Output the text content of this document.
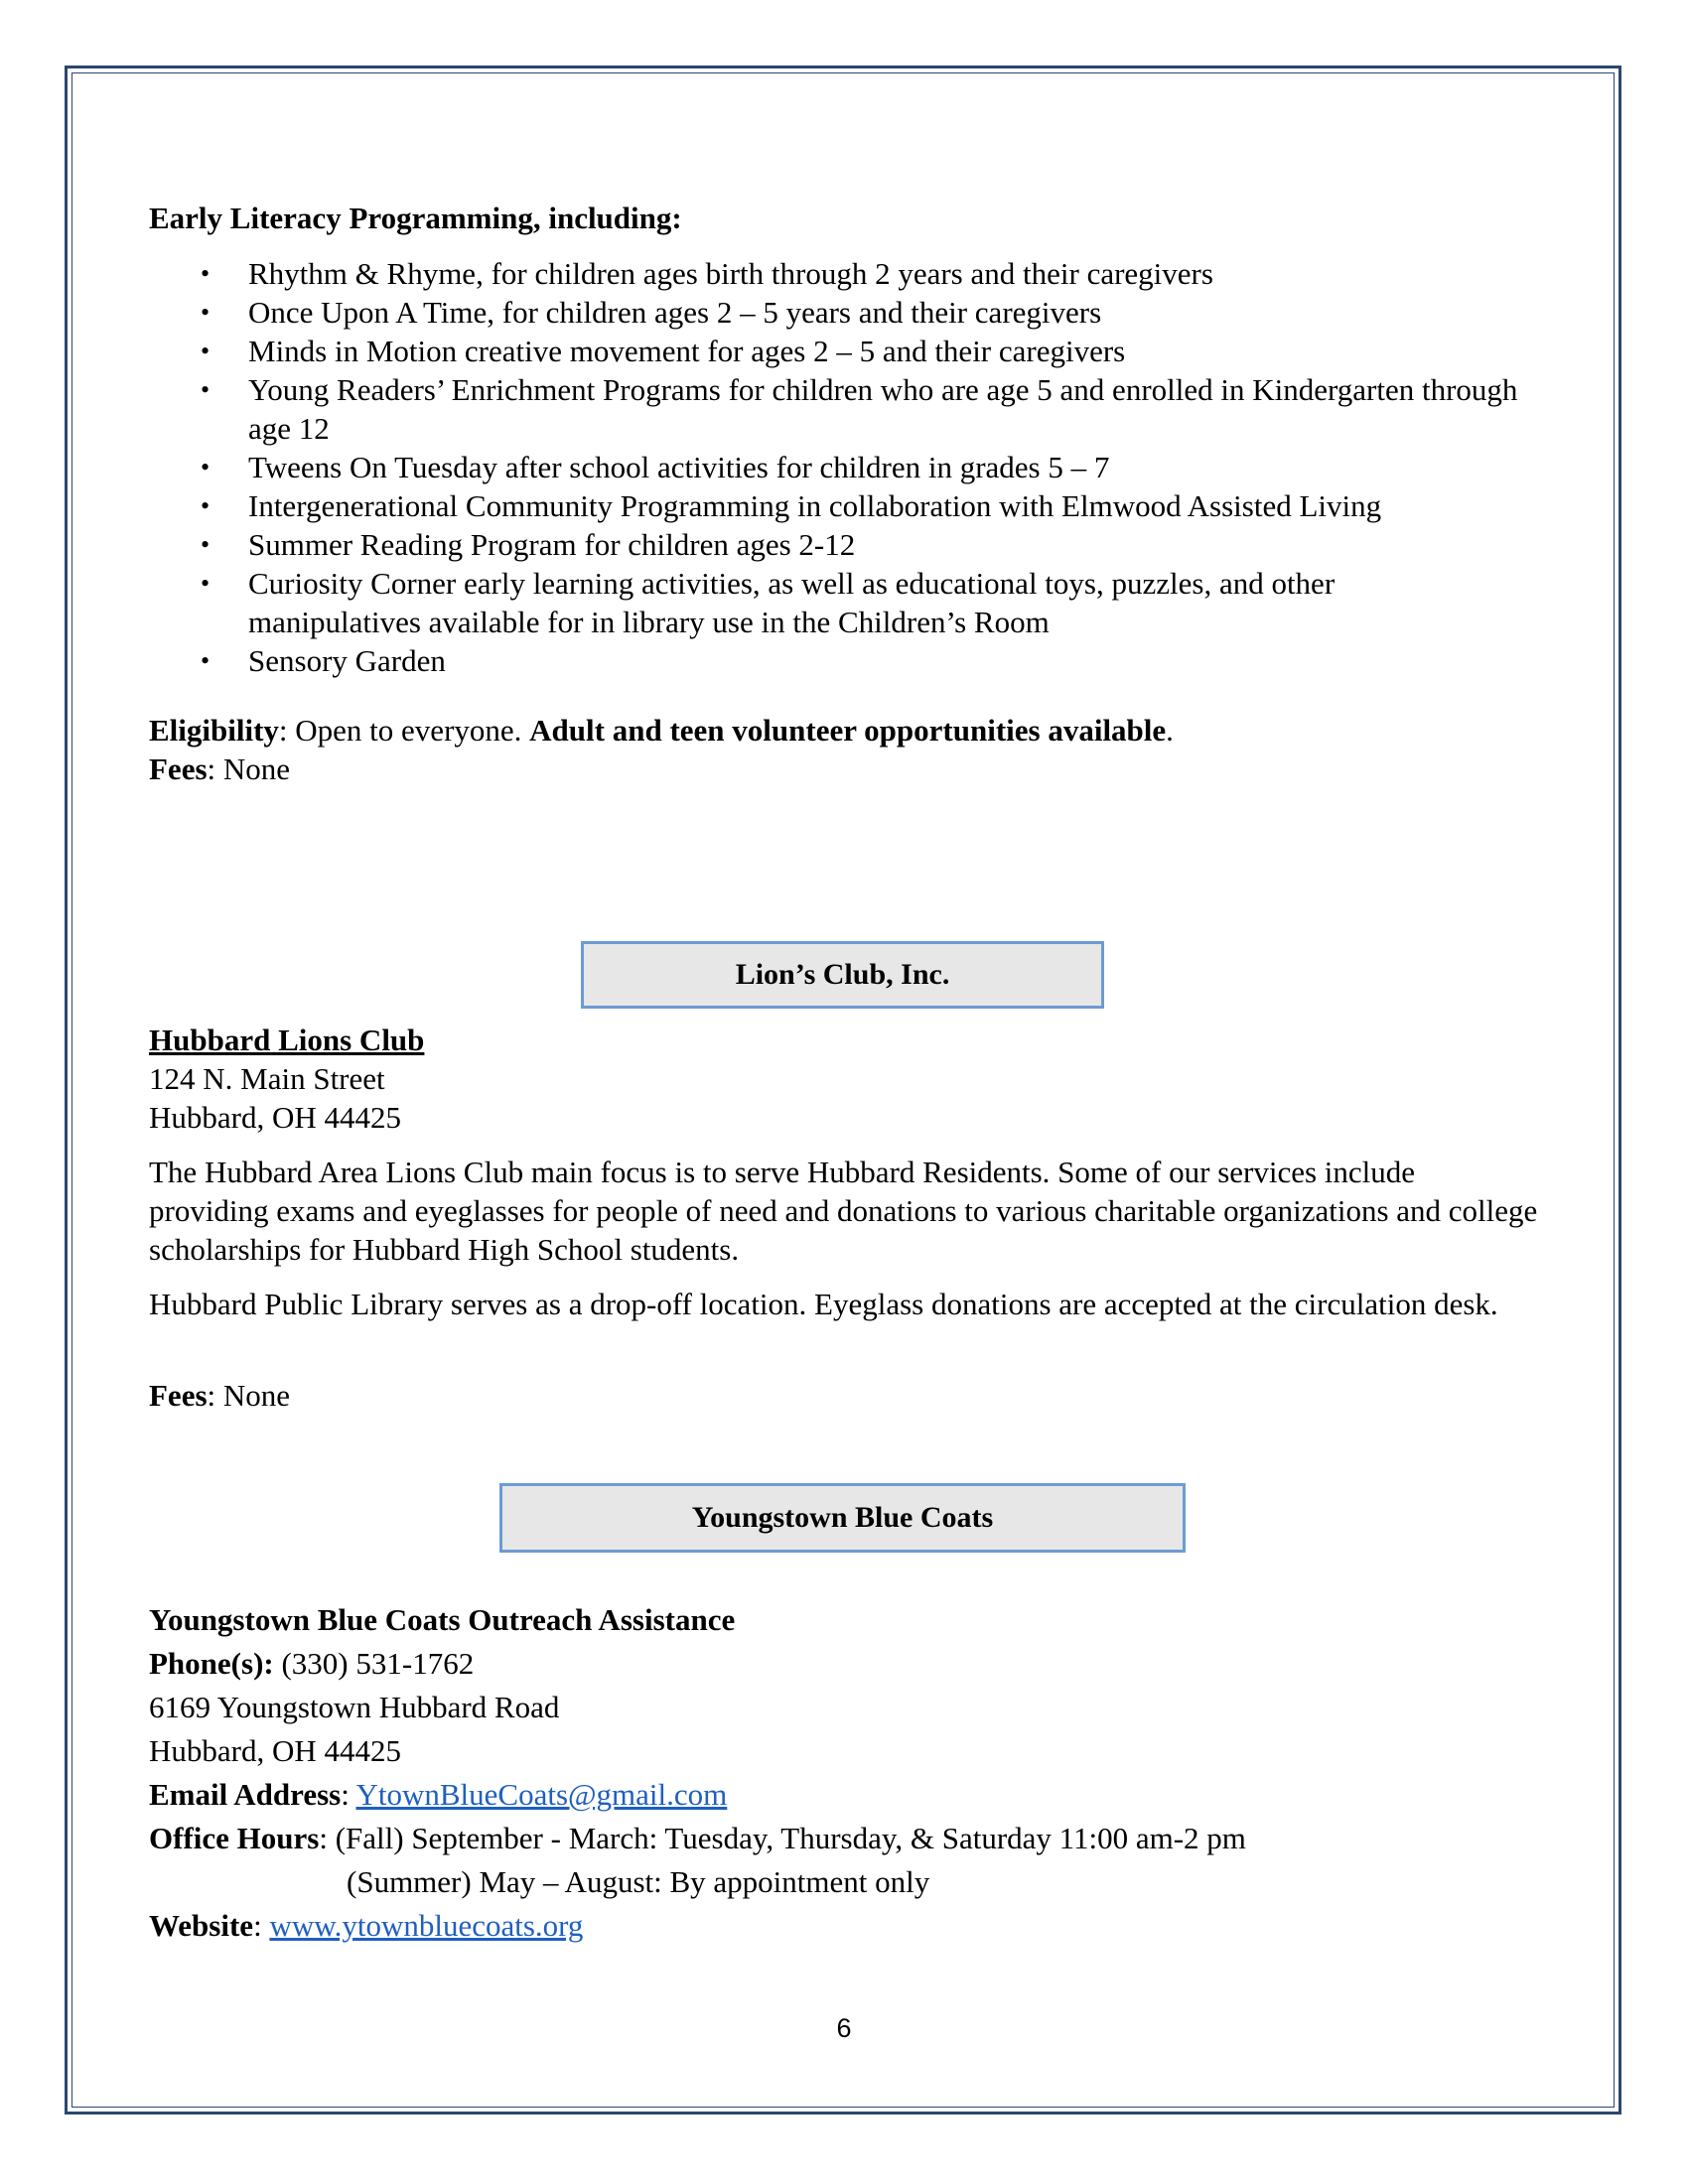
Early Literacy Programming, including:
• Rhythm & Rhyme, for children ages birth through 2 years and their caregivers
• Once Upon A Time, for children ages 2 – 5 years and their caregivers
• Minds in Motion creative movement for ages 2 – 5 and their caregivers
• Young Readers’ Enrichment Programs for children who are age 5 and enrolled in Kindergarten through age 12
• Tweens On Tuesday after school activities for children in grades 5 – 7
• Intergenerational Community Programming in collaboration with Elmwood Assisted Living
• Summer Reading Program for children ages 2-12
• Curiosity Corner early learning activities, as well as educational toys, puzzles, and other manipulatives available for in library use in the Children’s Room
• Sensory Garden
Eligibility: Open to everyone. Adult and teen volunteer opportunities available.
Fees: None
Hubbard Lions Club
124 N. Main Street
Hubbard, OH 44425
The Hubbard Area Lions Club main focus is to serve Hubbard Residents. Some of our services include providing exams and eyeglasses for people of need and donations to various charitable organizations and college scholarships for Hubbard High School students.
Hubbard Public Library serves as a drop-off location. Eyeglass donations are accepted at the circulation desk.
Fees: None
Youngstown Blue Coats Outreach Assistance
Phone(s): (330) 531-1762
6169 Youngstown Hubbard Road
Hubbard, OH 44425
Email Address: YtownBlueCoats@gmail.com
Office Hours: (Fall) September - March: Tuesday, Thursday, & Saturday 11:00 am-2 pm
(Summer) May – August: By appointment only
Website: www.ytownbluecoats.org
Lion’s Club, Inc.
Youngstown Blue Coats
6
